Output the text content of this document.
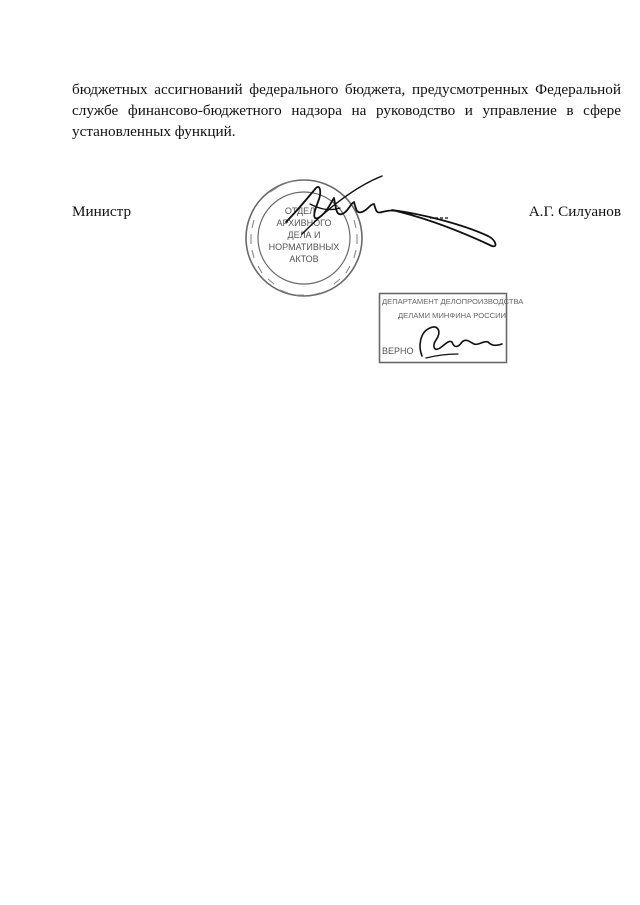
бюджетных ассигнований федерального бюджета, предусмотренных Федеральной службе финансово-бюджетного надзора на руководство и управление в сфере установленных функций.

Министр	А.Г. Силуанов

ОТДЕЛ
АРХИВНОГО
ДЕЛА И
НОРМАТИВНЫХ
АКТОВ
ДЕПАРТАМЕНТ ДЕЛОПРОИЗВОДСТВА
ДЕЛАМИ МИНФИНА РОССИИ
ВЕРНО
